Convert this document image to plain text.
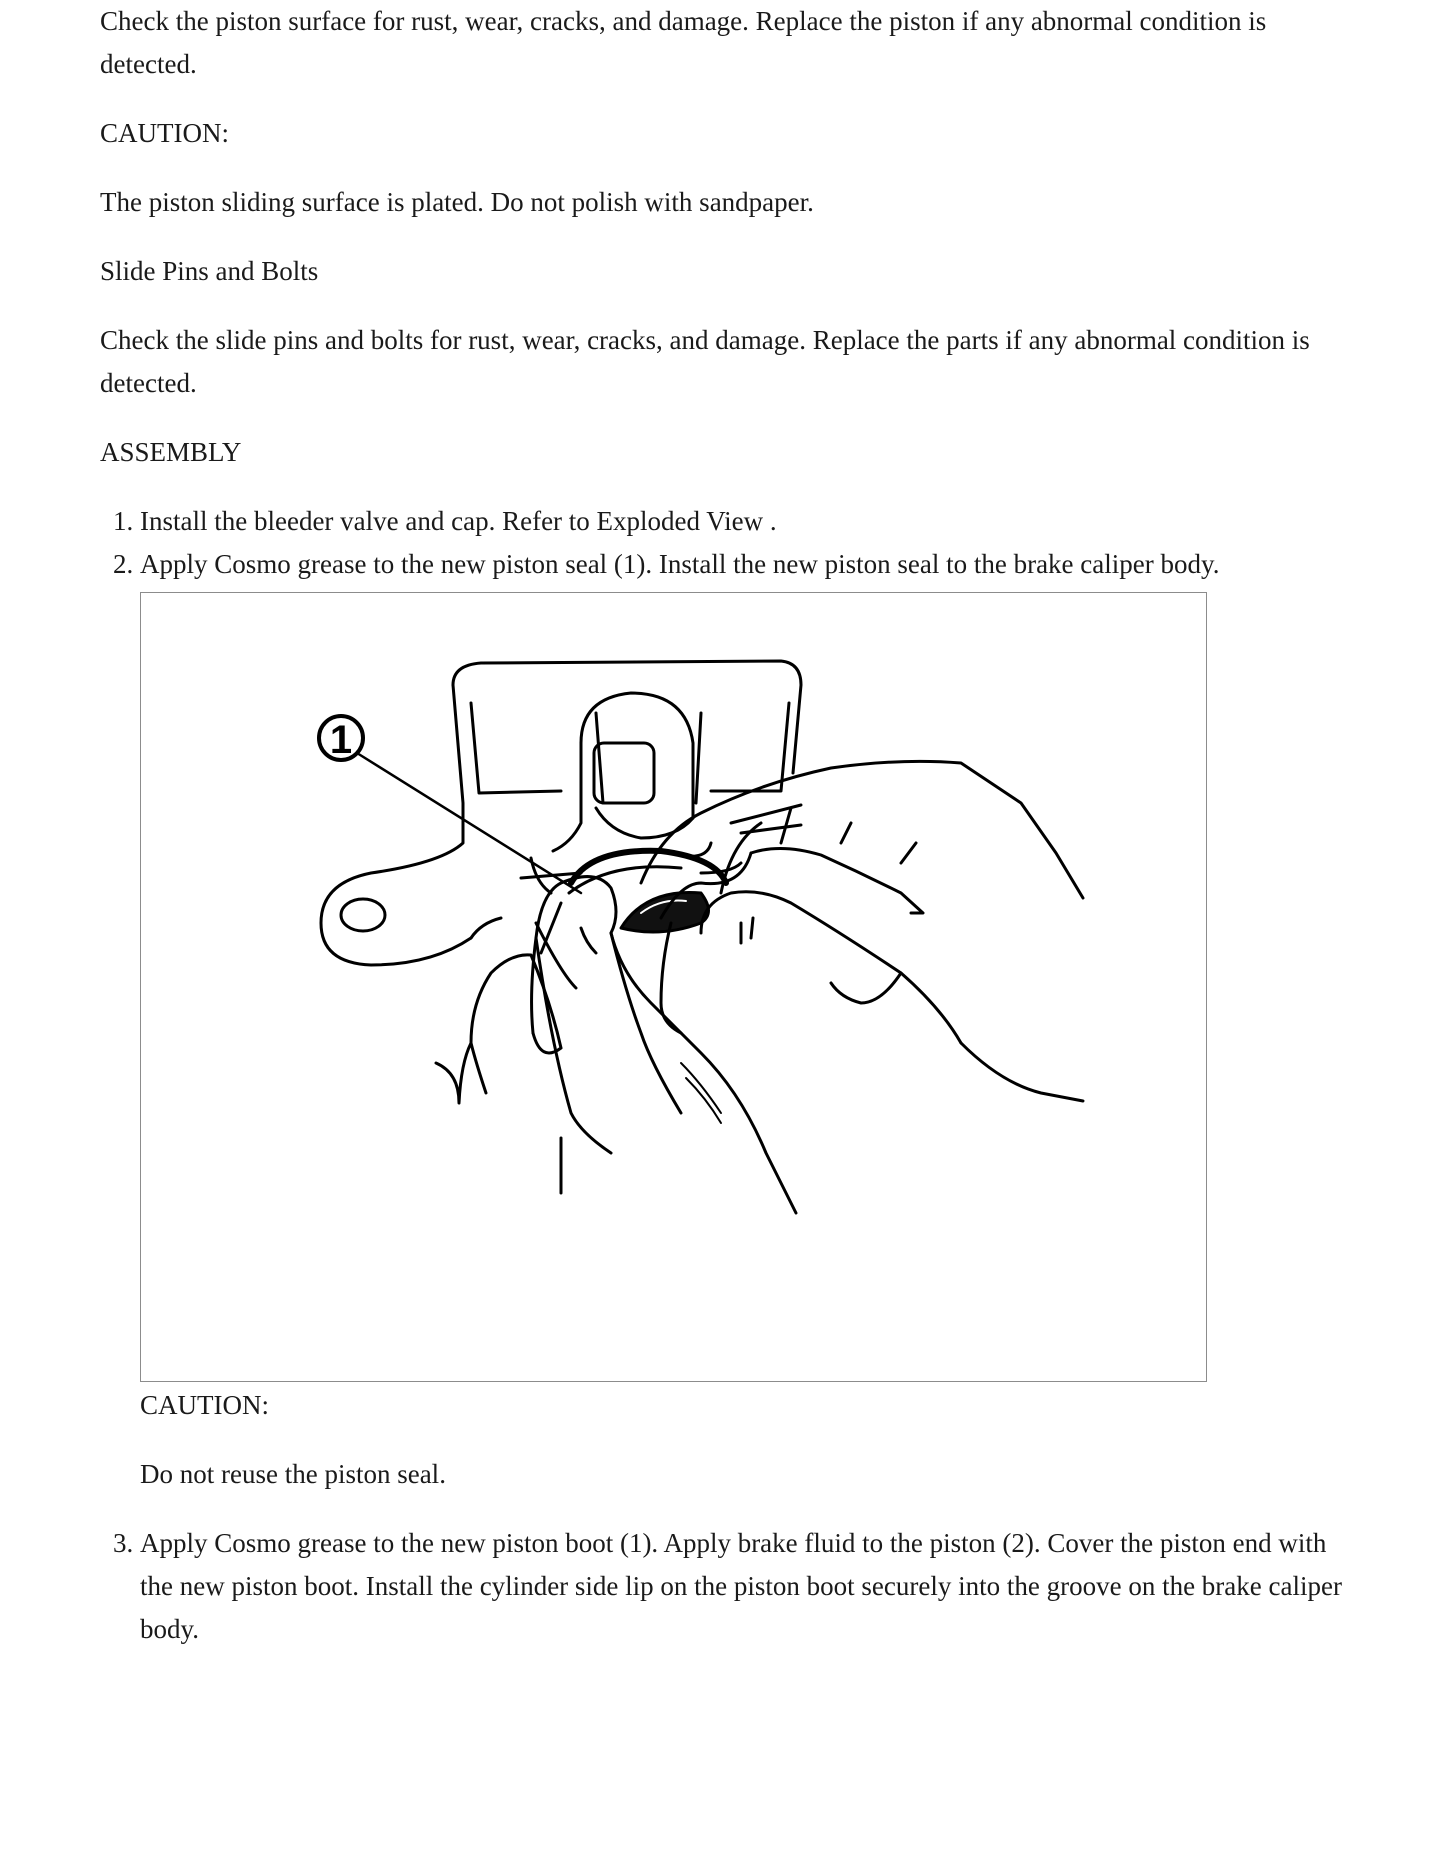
Check the piston surface for rust, wear, cracks, and damage. Replace the piston if any abnormal condition is detected.

CAUTION:

The piston sliding surface is plated. Do not polish with sandpaper.

Slide Pins and Bolts

Check the slide pins and bolts for rust, wear, cracks, and damage. Replace the parts if any abnormal condition is detected.

ASSEMBLY

1. Install the bleeder valve and cap. Refer to Exploded View .
2. Apply Cosmo grease to the new piston seal (1). Install the new piston seal to the brake caliper body.
1

CAUTION:

Do not reuse the piston seal.

3. Apply Cosmo grease to the new piston boot (1). Apply brake fluid to the piston (2). Cover the piston end with the new piston boot. Install the cylinder side lip on the piston boot securely into the groove on the brake caliper body.
